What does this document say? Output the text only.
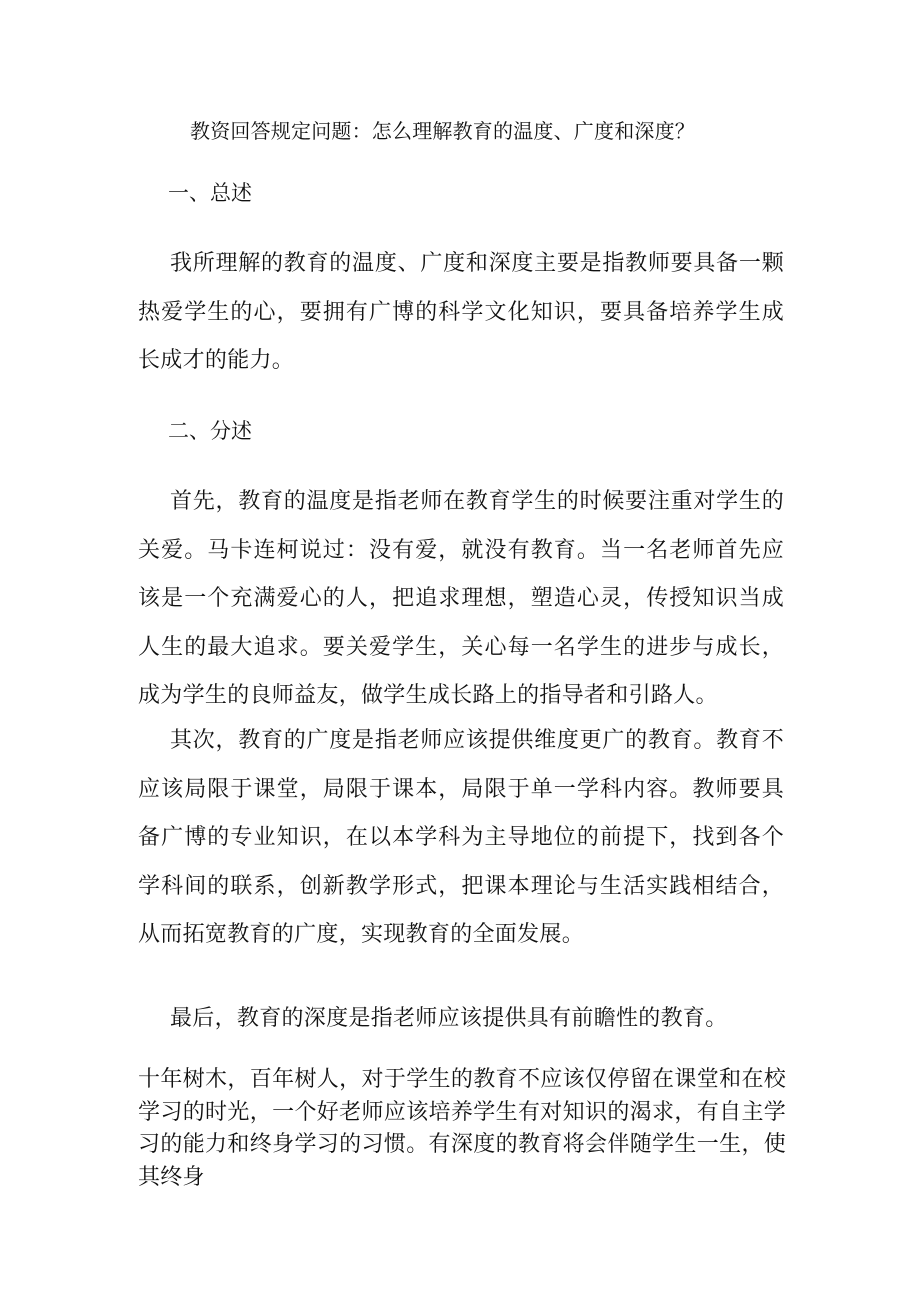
教资回答规定问题：怎么理解教育的温度、广度和深度？
一、总述
我所理解的教育的温度、广度和深度主要是指教师要具备一颗热爱学生的心，要拥有广博的科学文化知识，要具备培养学生成长成才的能力。
二、分述
首先，教育的温度是指老师在教育学生的时候要注重对学生的关爱。马卡连柯说过：没有爱，就没有教育。当一名老师首先应该是一个充满爱心的人，把追求理想，塑造心灵，传授知识当成人生的最大追求。要关爱学生，关心每一名学生的进步与成长，成为学生的良师益友，做学生成长路上的指导者和引路人。
其次，教育的广度是指老师应该提供维度更广的教育。教育不应该局限于课堂，局限于课本，局限于单一学科内容。教师要具备广博的专业知识，在以本学科为主导地位的前提下，找到各个学科间的联系，创新教学形式，把课本理论与生活实践相结合，从而拓宽教育的广度，实现教育的全面发展。
最后，教育的深度是指老师应该提供具有前瞻性的教育。
十年树木，百年树人，对于学生的教育不应该仅停留在课堂和在校学习的时光，一个好老师应该培养学生有对知识的渴求，有自主学习的能力和终身学习的习惯。有深度的教育将会伴随学生一生，使其终身
